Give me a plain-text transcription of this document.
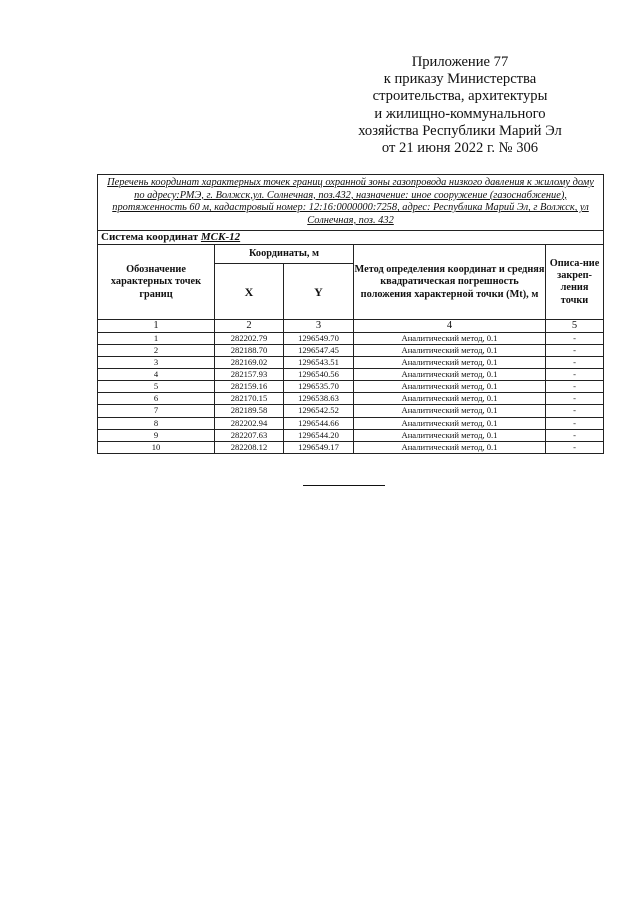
Приложение 77
к приказу Министерства
строительства, архитектуры
и жилищно-коммунального
хозяйства Республики Марий Эл
от 21 июня 2022 г. № 306
Перечень координат характерных точек границ охранной зоны газопровода низкого давления к жилому дому по адресу:РМЭ, г. Волжск,ул. Солнечная, поз.432, назначение: иное сооружение (газоснабжение), протяженность 60 м, кадастровый номер: 12:16:0000000:7258, адрес: Республика Марий Эл, г Волжск, ул Солнечная, поз. 432				
Система координат МСК-12				
Обозначение характерных точек границ	Координаты, м		Метод определения координат и средняя квадратическая погрешность положения характерной точки (Mt), м	Описа-ние закреп-ления точки
	X	Y		
1	2	3	4	5
1	282202.79	1296549.70	Аналитический метод, 0.1	-
2	282188.70	1296547.45	Аналитический метод, 0.1	-
3	282169.02	1296543.51	Аналитический метод, 0.1	-
4	282157.93	1296540.56	Аналитический метод, 0.1	-
5	282159.16	1296535.70	Аналитический метод, 0.1	-
6	282170.15	1296538.63	Аналитический метод, 0.1	-
7	282189.58	1296542.52	Аналитический метод, 0.1	-
8	282202.94	1296544.66	Аналитический метод, 0.1	-
9	282207.63	1296544.20	Аналитический метод, 0.1	-
10	282208.12	1296549.17	Аналитический метод, 0.1	-
